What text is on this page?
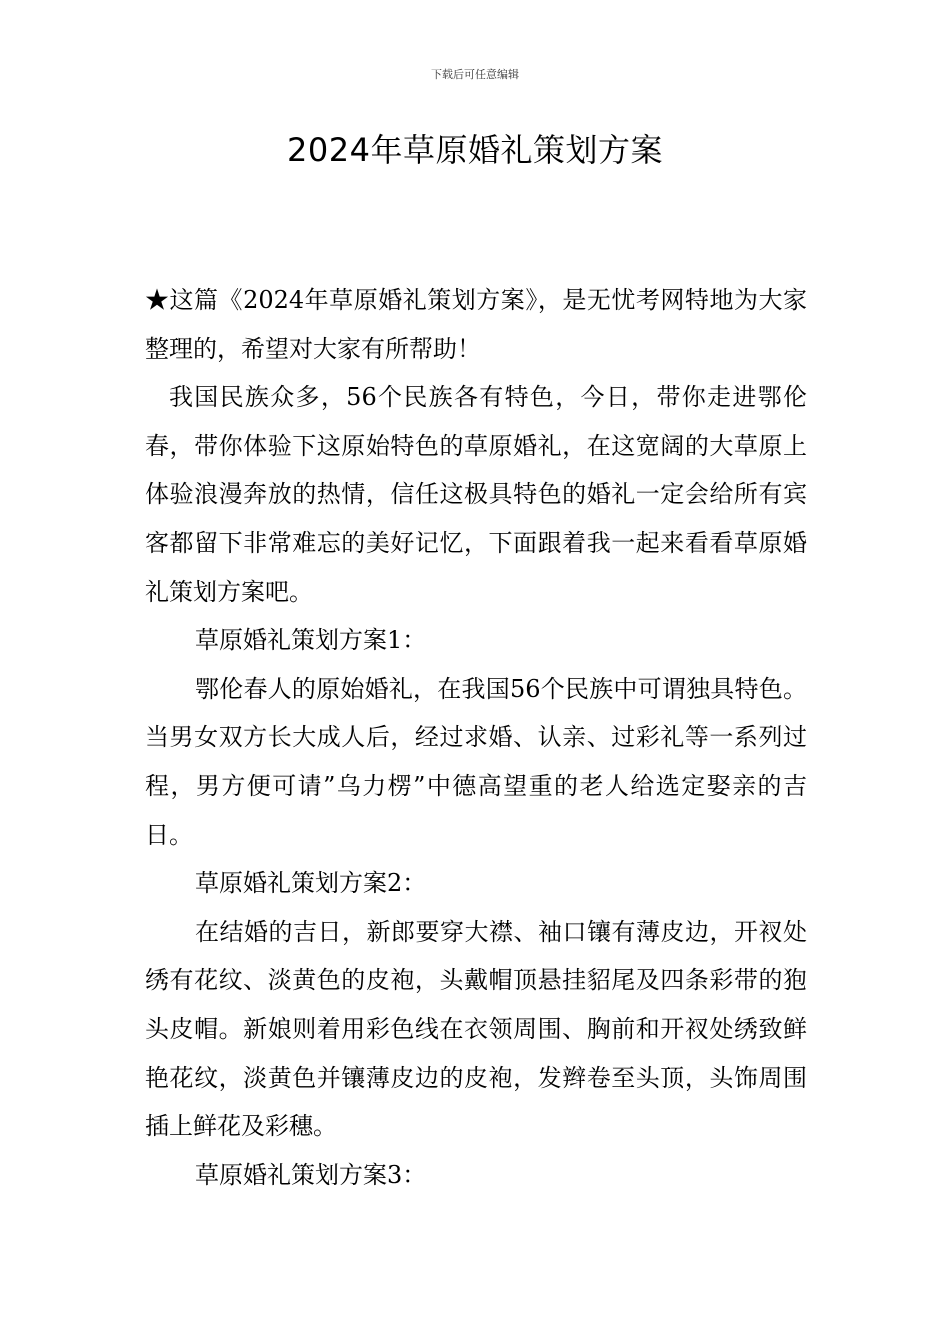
下载后可任意编辑
2024年草原婚礼策划方案

★这篇《2024年草原婚礼策划方案》，是无忧考网特地为大家整理的，希望对大家有所帮助！

我国民族众多，56个民族各有特色，今日，带你走进鄂伦春，带你体验下这原始特色的草原婚礼，在这宽阔的大草原上体验浪漫奔放的热情，信任这极具特色的婚礼一定会给所有宾客都留下非常难忘的美好记忆，下面跟着我一起来看看草原婚礼策划方案吧。

草原婚礼策划方案1：

鄂伦春人的原始婚礼，在我国56个民族中可谓独具特色。当男女双方长大成人后，经过求婚、认亲、过彩礼等一系列过程，男方便可请”乌力楞”中德高望重的老人给选定娶亲的吉日。

草原婚礼策划方案2：

在结婚的吉日，新郎要穿大襟、袖口镶有薄皮边，开衩处绣有花纹、淡黄色的皮袍，头戴帽顶悬挂貂尾及四条彩带的狍头皮帽。新娘则着用彩色线在衣领周围、胸前和开衩处绣致鲜艳花纹，淡黄色并镶薄皮边的皮袍，发辫卷至头顶，头饰周围插上鲜花及彩穗。

草原婚礼策划方案3：
